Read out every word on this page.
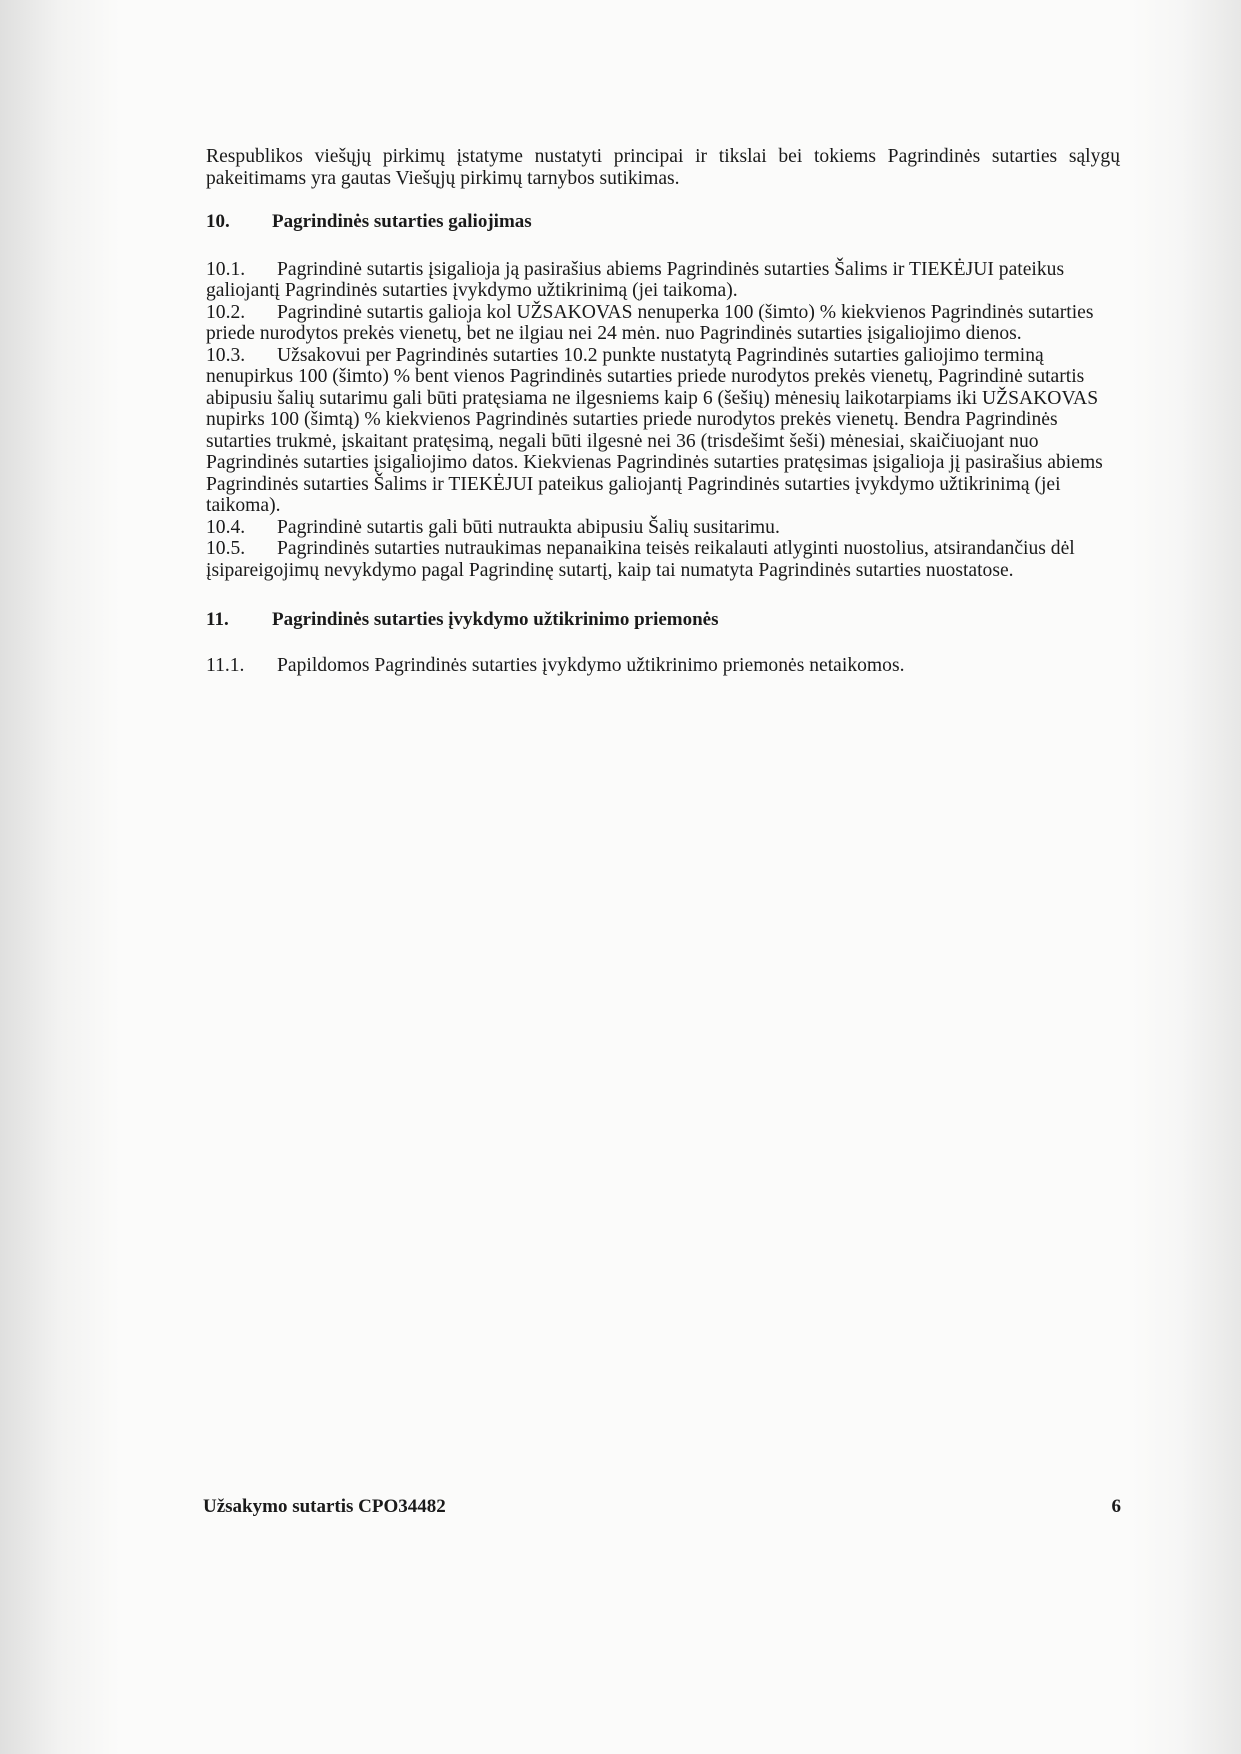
Respublikos viešųjų pirkimų įstatyme nustatyti principai ir tikslai bei tokiems Pagrindinės sutarties sąlygų pakeitimams yra gautas Viešųjų pirkimų tarnybos sutikimas.

10.	Pagrindinės sutarties galiojimas

10.1. Pagrindinė sutartis įsigalioja ją pasirašius abiems Pagrindinės sutarties Šalims ir TIEKĖJUI pateikus galiojantį Pagrindinės sutarties įvykdymo užtikrinimą (jei taikoma).

10.2. Pagrindinė sutartis galioja kol UŽSAKOVAS nenuperka 100 (šimto) % kiekvienos Pagrindinės sutarties priede nurodytos prekės vienetų, bet ne ilgiau nei 24 mėn. nuo Pagrindinės sutarties įsigaliojimo dienos.

10.3. Užsakovui per Pagrindinės sutarties 10.2 punkte nustatytą Pagrindinės sutarties galiojimo terminą nenupirkus 100 (šimto) % bent vienos Pagrindinės sutarties priede nurodytos prekės vienetų, Pagrindinė sutartis abipusiu šalių sutarimu gali būti pratęsiama ne ilgesniems kaip 6 (šešių) mėnesių laikotarpiams iki UŽSAKOVAS nupirks 100 (šimtą) % kiekvienos Pagrindinės sutarties priede nurodytos prekės vienetų. Bendra Pagrindinės sutarties trukmė, įskaitant pratęsimą, negali būti ilgesnė nei 36 (trisdešimt šeši) mėnesiai, skaičiuojant nuo Pagrindinės sutarties įsigaliojimo datos. Kiekvienas Pagrindinės sutarties pratęsimas įsigalioja jį pasirašius abiems Pagrindinės sutarties Šalims ir TIEKĖJUI pateikus galiojantį Pagrindinės sutarties įvykdymo užtikrinimą (jei taikoma).

10.4. Pagrindinė sutartis gali būti nutraukta abipusiu Šalių susitarimu.

10.5. Pagrindinės sutarties nutraukimas nepanaikina teisės reikalauti atlyginti nuostolius, atsirandančius dėl įsipareigojimų nevykdymo pagal Pagrindinę sutartį, kaip tai numatyta Pagrindinės sutarties nuostatose.

11.	Pagrindinės sutarties įvykdymo užtikrinimo priemonės

11.1. Papildomos Pagrindinės sutarties įvykdymo užtikrinimo priemonės netaikomos.

Užsakymo sutartis CPO34482	6
